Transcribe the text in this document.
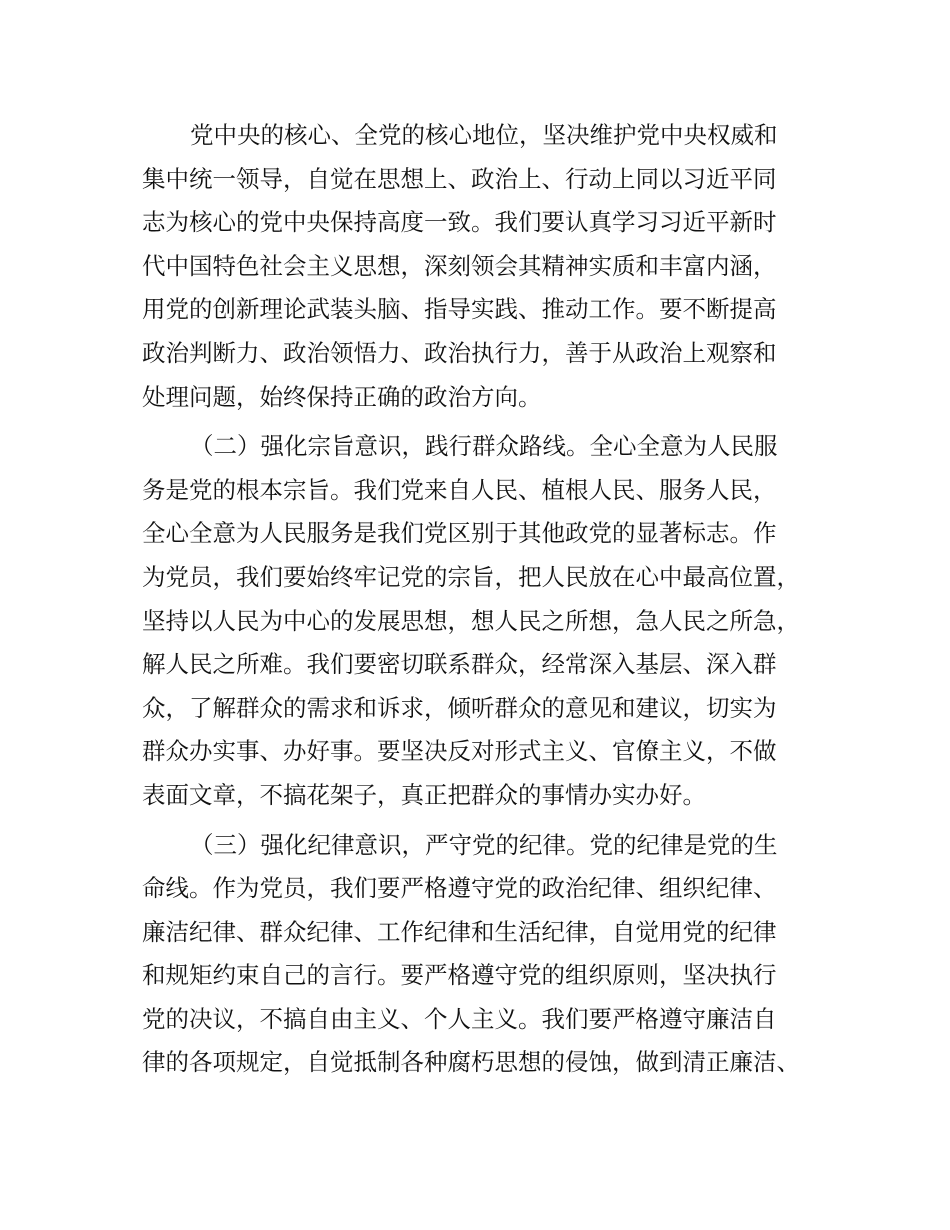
党中央的核心、全党的核心地位，坚决维护党中央权威和
集中统一领导，自觉在思想上、政治上、行动上同以习近平同
志为核心的党中央保持高度一致。我们要认真学习习近平新时
代中国特色社会主义思想，深刻领会其精神实质和丰富内涵，
用党的创新理论武装头脑、指导实践、推动工作。要不断提高
政治判断力、政治领悟力、政治执行力，善于从政治上观察和
处理问题，始终保持正确的政治方向。
（二）强化宗旨意识，践行群众路线。全心全意为人民服
务是党的根本宗旨。我们党来自人民、植根人民、服务人民，
全心全意为人民服务是我们党区别于其他政党的显著标志。作
为党员，我们要始终牢记党的宗旨，把人民放在心中最高位置，
坚持以人民为中心的发展思想，想人民之所想，急人民之所急，
解人民之所难。我们要密切联系群众，经常深入基层、深入群
众，了解群众的需求和诉求，倾听群众的意见和建议，切实为
群众办实事、办好事。要坚决反对形式主义、官僚主义，不做
表面文章，不搞花架子，真正把群众的事情办实办好。
（三）强化纪律意识，严守党的纪律。党的纪律是党的生
命线。作为党员，我们要严格遵守党的政治纪律、组织纪律、
廉洁纪律、群众纪律、工作纪律和生活纪律，自觉用党的纪律
和规矩约束自己的言行。要严格遵守党的组织原则，坚决执行
党的决议，不搞自由主义、个人主义。我们要严格遵守廉洁自
律的各项规定，自觉抵制各种腐朽思想的侵蚀，做到清正廉洁、
